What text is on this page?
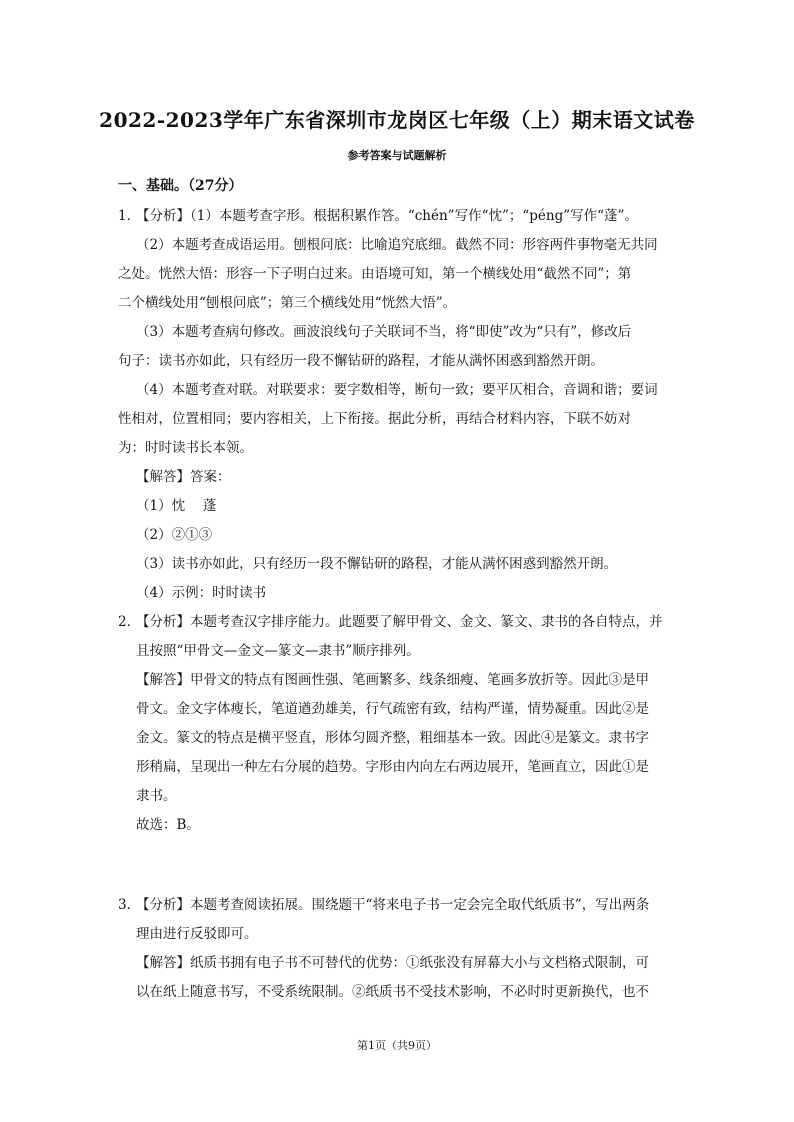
2022-2023学年广东省深圳市龙岗区七年级（上）期末语文试卷
参考答案与试题解析
一、基础。（27分）
1．【分析】（1）本题考查字形。根据积累作答。“chén”写作“忱”；“péng”写作“蓬”。
（2）本题考查成语运用。刨根问底：比喻追究底细。截然不同：形容两件事物毫无共同
之处。恍然大悟：形容一下子明白过来。由语境可知，第一个横线处用“截然不同”；第
二个横线处用“刨根问底”；第三个横线处用“恍然大悟”。
（3）本题考查病句修改。画波浪线句子关联词不当，将“即使”改为“只有”，修改后
句子：读书亦如此，只有经历一段不懈钻研的路程，才能从满怀困惑到豁然开朗。
（4）本题考查对联。对联要求：要字数相等，断句一致；要平仄相合，音调和谐；要词
性相对，位置相同；要内容相关，上下衔接。据此分析，再结合材料内容，下联不妨对
为：时时读书长本领。
【解答】答案：
（1）忱　 蓬
（2）②①③
（3）读书亦如此，只有经历一段不懈钻研的路程，才能从满怀困惑到豁然开朗。
（4）示例：时时读书
2．【分析】本题考查汉字排序能力。此题要了解甲骨文、金文、篆文、隶书的各自特点，并
且按照“甲骨文—金文—篆文—隶书”顺序排列。
【解答】甲骨文的特点有图画性强、笔画繁多、线条细瘦、笔画多放折等。因此③是甲
骨文。金文字体瘦长，笔道遒劲雄美，行气疏密有致，结构严谨，情势凝重。因此②是
金文。篆文的特点是横平竖直，形体匀圆齐整，粗细基本一致。因此④是篆文。隶书字
形稍扁，呈现出一种左右分展的趋势。字形由内向左右两边展开，笔画直立，因此①是
隶书。
故选：B。
3．【分析】本题考查阅读拓展。围绕题干“将来电子书一定会完全取代纸质书”，写出两条
理由进行反驳即可。
【解答】纸质书拥有电子书不可替代的优势：①纸张没有屏幕大小与文档格式限制，可
以在纸上随意书写，不受系统限制。②纸质书不受技术影响，不必时时更新换代，也不
第1页（共9页）
